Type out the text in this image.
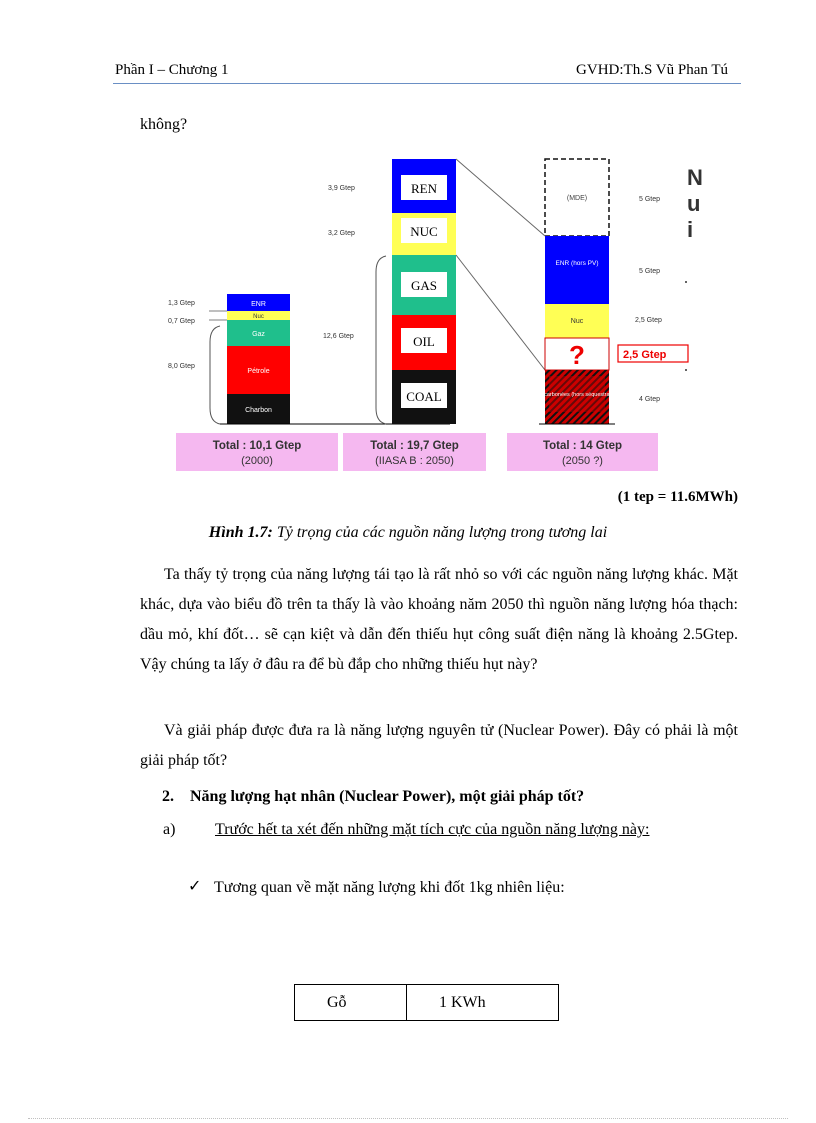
Phần I – Chương 1	GVHD:Th.S Vũ Phan Tú
không?
ENR
Nuc
Gaz
Pétrole
Charbon
1,3 Gtep
0,7 Gtep
8,0 Gtep
REN
NUC
GAS
OIL
COAL
3,9 Gtep
3,2 Gtep
12,6 Gtep
(MDE)
ENR (hors PV)
Nuc
?
Energies carbonées (hors séquestration CO2)
5 Gtep
5 Gtep
2,5 Gtep
2,5 Gtep
4 Gtep
N
u
i
Total : 10,1 Gtep
(2000)
Total : 19,7 Gtep
(IIASA B : 2050)
Total : 14 Gtep
(2050 ?)
(1 tep = 11.6MWh)
Hình 1.7: Tỷ trọng của các nguồn năng lượng trong tương lai

Ta thấy tỷ trọng của năng lượng tái tạo là rất nhỏ so với các nguồn năng lượng khác. Mặt khác, dựa vào biểu đồ trên ta thấy là vào khoảng năm 2050 thì nguồn năng lượng hóa thạch: dầu mỏ, khí đốt… sẽ cạn kiệt và dẫn đến thiếu hụt công suất điện năng là khoảng 2.5Gtep. Vậy chúng ta lấy ở đâu ra để bù đắp cho những thiếu hụt này?

Và giải pháp được đưa ra là năng lượng nguyên tử (Nuclear Power). Đây có phải là một giải pháp tốt?

2. Năng lượng hạt nhân (Nuclear Power), một giải pháp tốt?
a) Trước hết ta xét đến những mặt tích cực của nguồn năng lượng này:
✓ Tương quan về mặt năng lượng khi đốt 1kg nhiên liệu:
Gỗ	1 KWh
